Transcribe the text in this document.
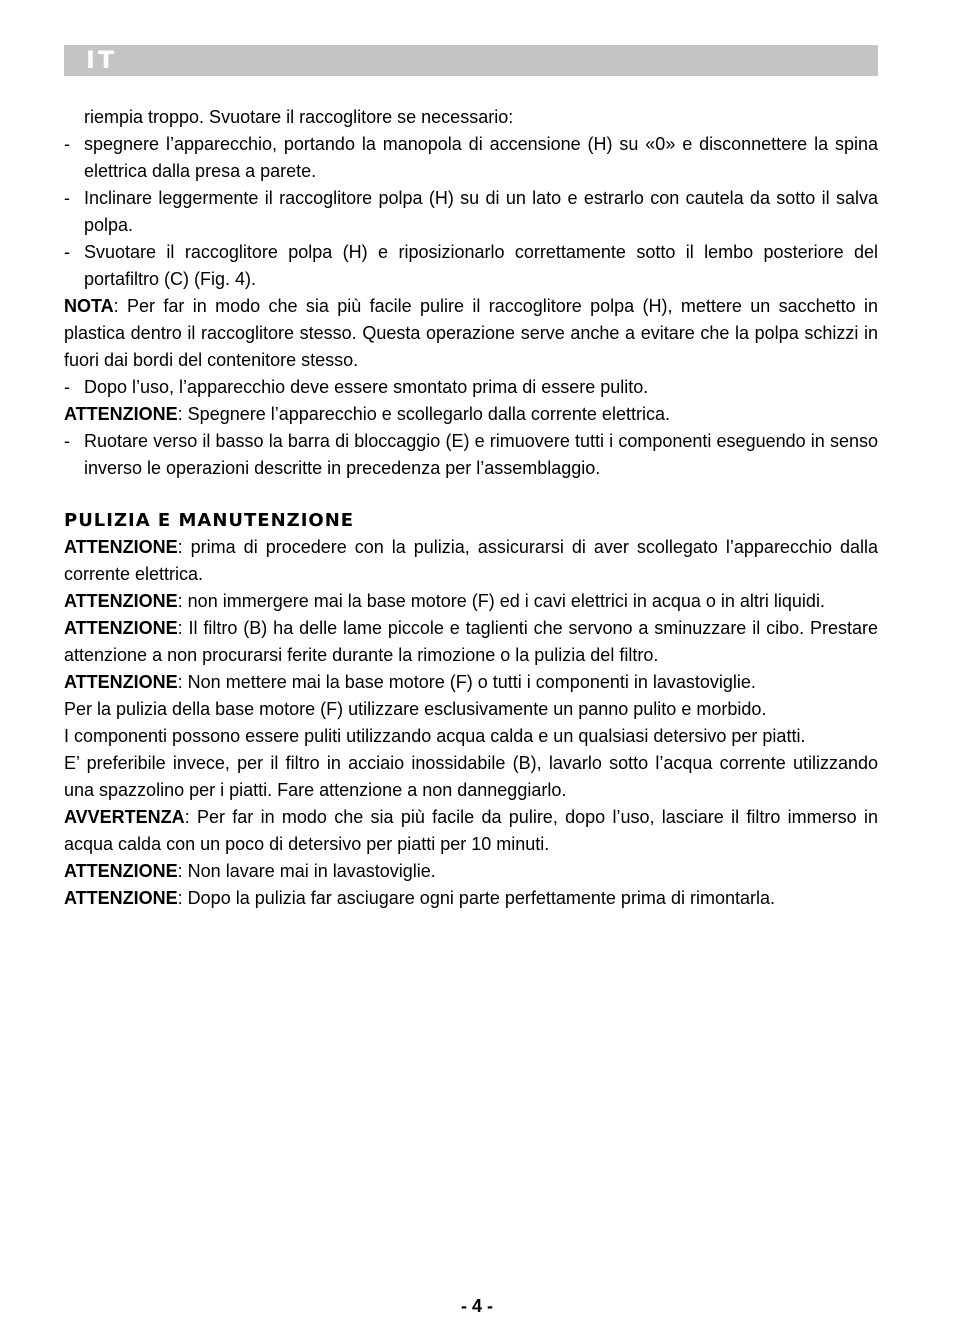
IT

riempia troppo. Svuotare il raccoglitore se necessario:

- spegnere l’apparecchio, portando la manopola di accensione (H) su «0» e disconnettere la spina elettrica dalla presa a parete.
- Inclinare leggermente il raccoglitore polpa (H) su di un lato e estrarlo con cautela da sotto il salva polpa.
- Svuotare il raccoglitore polpa (H) e riposizionarlo correttamente sotto il lembo posteriore del portafiltro (C) (Fig. 4).

NOTA: Per far in modo che sia più facile pulire il raccoglitore polpa (H), mettere un sacchetto in plastica dentro il raccoglitore stesso. Questa operazione serve anche a evitare che la polpa schizzi in fuori dai bordi del contenitore stesso.

- Dopo l’uso, l’apparecchio deve essere smontato prima di essere pulito.

ATTENZIONE: Spegnere l’apparecchio e scollegarlo dalla corrente elettrica.

- Ruotare verso il basso la barra di bloccaggio (E) e rimuovere tutti i componenti eseguendo in senso inverso le operazioni descritte in precedenza per l’assemblaggio.
PULIZIA E MANUTENZIONE

ATTENZIONE: prima di procedere con la pulizia, assicurarsi di aver scollegato l’apparecchio dalla corrente elettrica.

ATTENZIONE: non immergere mai la base motore (F) ed i cavi elettrici in acqua o in altri liquidi.

ATTENZIONE: Il filtro (B) ha delle lame piccole e taglienti che servono a sminuzzare il cibo. Prestare attenzione a non procurarsi ferite durante la rimozione o la pulizia del filtro.

ATTENZIONE: Non mettere mai la base motore (F) o tutti i componenti in lavastoviglie.

Per la pulizia della base motore (F) utilizzare esclusivamente un panno pulito e morbido.

I componenti possono essere puliti utilizzando acqua calda e un qualsiasi detersivo per piatti.

E’ preferibile invece, per il filtro in acciaio inossidabile (B), lavarlo sotto l’acqua corrente utilizzando una spazzolino per i piatti. Fare attenzione a non danneggiarlo.

AVVERTENZA: Per far in modo che sia più facile da pulire, dopo l’uso, lasciare il filtro immerso in acqua calda con un poco di detersivo per piatti per 10 minuti.

ATTENZIONE: Non lavare mai in lavastoviglie.

ATTENZIONE: Dopo la pulizia far asciugare ogni parte perfettamente prima di rimontarla.

- 4 -
